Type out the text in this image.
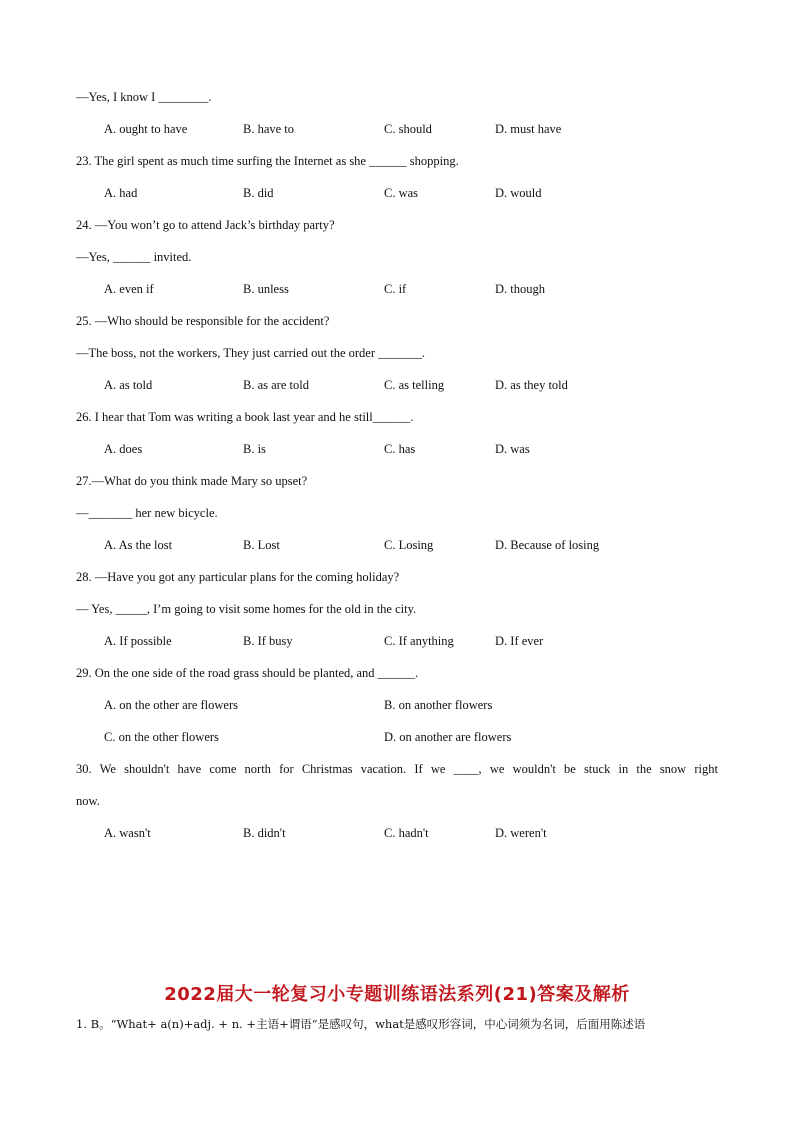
—Yes, I know I ________.
A. ought to have	B. have to	C. should	D. must have
23. The girl spent as much time surfing the Internet as she ______ shopping.
A. had	B. did	C. was	D. would
24. —You won’t go to attend Jack’s birthday party?
—Yes, ______ invited.
A. even if	B. unless	C. if	D. though
25. —Who should be responsible for the accident?
—The boss, not the workers, They just carried out the order _______.
A. as told	B. as are told	C. as telling	D. as they told
26. I hear that Tom was writing a book last year and he still______.
A. does	B. is	C. has	D. was
27.—What do you think made Mary so upset?
—_______ her new bicycle.
A. As the lost	B. Lost	C. Losing	D. Because of losing
28. —Have you got any particular plans for the coming holiday?
— Yes, _____, I’m going to visit some homes for the old in the city.
A. If possible	B. If busy	C. If anything	D. If ever
29. On the one side of the road grass should be planted, and ______.
A. on the other are flowers	B. on another flowers
C. on the other flowers	D. on another are flowers
30. We shouldn't have come north for Christmas vacation. If we ____, we wouldn't be stuck in the snow right
now.
A. wasn't	B. didn't	C. hadn't	D. weren't
2022届大一轮复习小专题训练语法系列(21)答案及解析
1. B。“What+ a(n)+adj. + n. +主语+谓语”是感叹句，what是感叹形容词，中心词须为名词，后面用陈述语
